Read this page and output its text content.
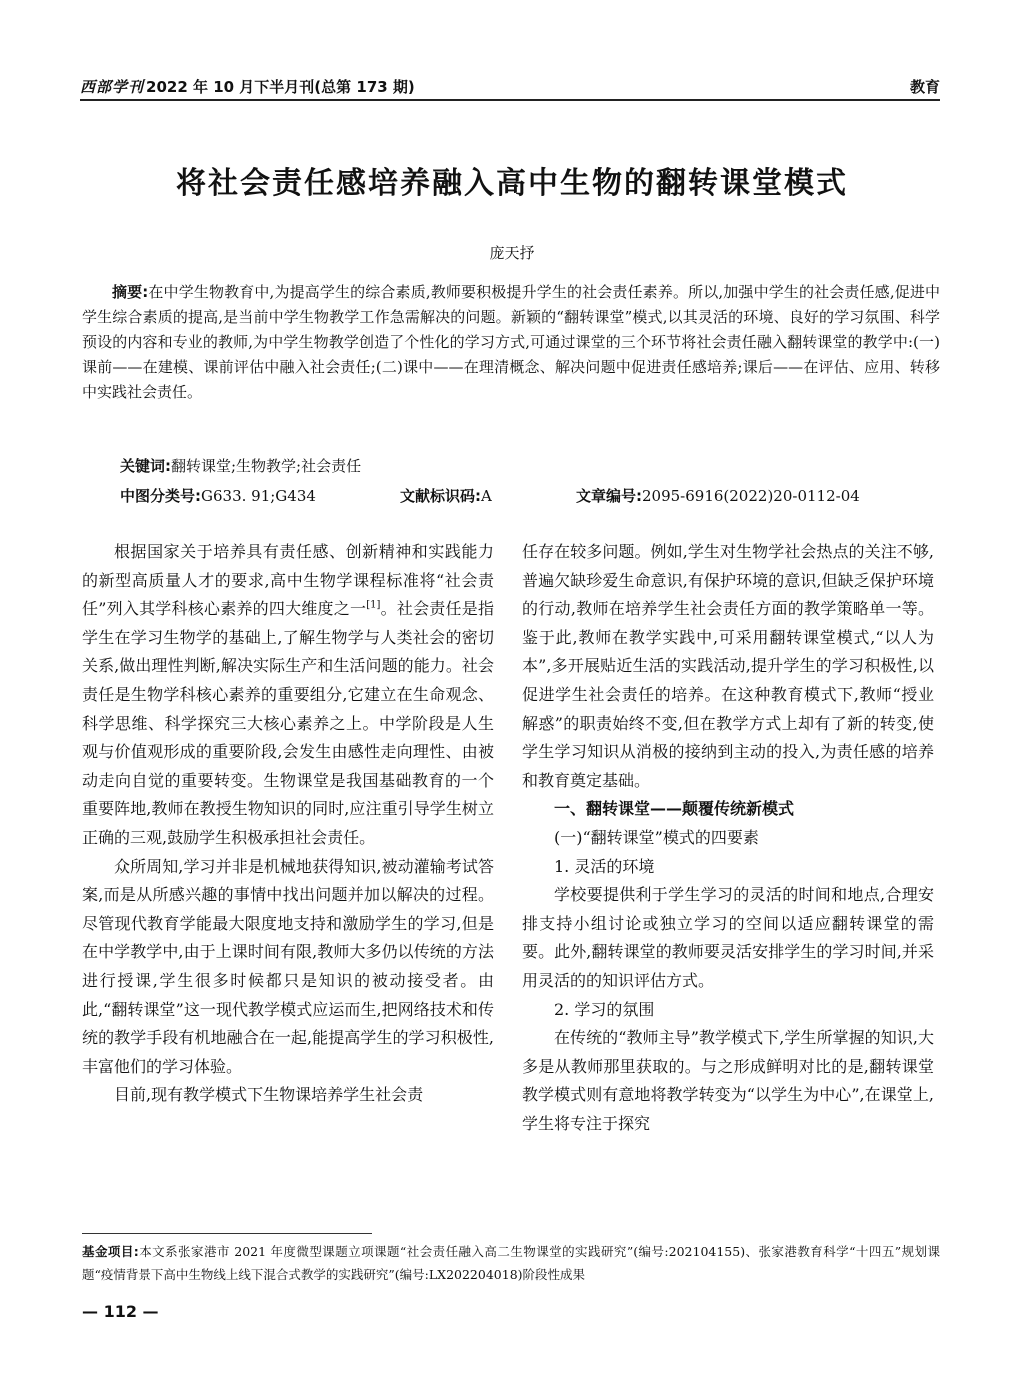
西部学刊 2022 年 10 月下半月刊(总第 173 期)	教育
将社会责任感培养融入高中生物的翻转课堂模式
庞天抒

摘要:在中学生物教育中,为提高学生的综合素质,教师要积极提升学生的社会责任素养。所以,加强中学生的社会责任感,促进中学生综合素质的提高,是当前中学生物教学工作急需解决的问题。新颖的“翻转课堂”模式,以其灵活的环境、良好的学习氛围、科学预设的内容和专业的教师,为中学生物教学创造了个性化的学习方式,可通过课堂的三个环节将社会责任融入翻转课堂的教学中:(一)课前——在建模、课前评估中融入社会责任;(二)课中——在理清概念、解决问题中促进责任感培养;课后——在评估、应用、转移中实践社会责任。

关键词:翻转课堂;生物教学;社会责任
中图分类号:G633. 91;G434	文献标识码:A	文章编号:2095-6916(2022)20-0112-04

根据国家关于培养具有责任感、创新精神和实践能力的新型高质量人才的要求,高中生物学课程标准将“社会责任”列入其学科核心素养的四大维度之一[1]。社会责任是指学生在学习生物学的基础上,了解生物学与人类社会的密切关系,做出理性判断,解决实际生产和生活问题的能力。社会责任是生物学科核心素养的重要组分,它建立在生命观念、科学思维、科学探究三大核心素养之上。中学阶段是人生观与价值观形成的重要阶段,会发生由感性走向理性、由被动走向自觉的重要转变。生物课堂是我国基础教育的一个重要阵地,教师在教授生物知识的同时,应注重引导学生树立正确的三观,鼓励学生积极承担社会责任。

众所周知,学习并非是机械地获得知识,被动灌输考试答案,而是从所感兴趣的事情中找出问题并加以解决的过程。尽管现代教育学能最大限度地支持和激励学生的学习,但是在中学教学中,由于上课时间有限,教师大多仍以传统的方法进行授课,学生很多时候都只是知识的被动接受者。由此,“翻转课堂”这一现代教学模式应运而生,把网络技术和传统的教学手段有机地融合在一起,能提高学生的学习积极性,丰富他们的学习体验。

目前,现有教学模式下生物课培养学生社会责

任存在较多问题。例如,学生对生物学社会热点的关注不够,普遍欠缺珍爱生命意识,有保护环境的意识,但缺乏保护环境的行动,教师在培养学生社会责任方面的教学策略单一等。鉴于此,教师在教学实践中,可采用翻转课堂模式,“以人为本”,多开展贴近生活的实践活动,提升学生的学习积极性,以促进学生社会责任的培养。在这种教育模式下,教师“授业解惑”的职责始终不变,但在教学方式上却有了新的转变,使学生学习知识从消极的接纳到主动的投入,为责任感的培养和教育奠定基础。

一、翻转课堂——颠覆传统新模式

(一)“翻转课堂”模式的四要素

1. 灵活的环境

学校要提供利于学生学习的灵活的时间和地点,合理安排支持小组讨论或独立学习的空间以适应翻转课堂的需要。此外,翻转课堂的教师要灵活安排学生的学习时间,并采用灵活的的知识评估方式。

2. 学习的氛围

在传统的“教师主导”教学模式下,学生所掌握的知识,大多是从教师那里获取的。与之形成鲜明对比的是,翻转课堂教学模式则有意地将教学转变为“以学生为中心”,在课堂上,学生将专注于探究

基金项目:本文系张家港市 2021 年度微型课题立项课题“社会责任融入高二生物课堂的实践研究”(编号:202104155)、张家港教育科学“十四五”规划课题“疫情背景下高中生物线上线下混合式教学的实践研究”(编号:LX202204018)阶段性成果
— 112 —
